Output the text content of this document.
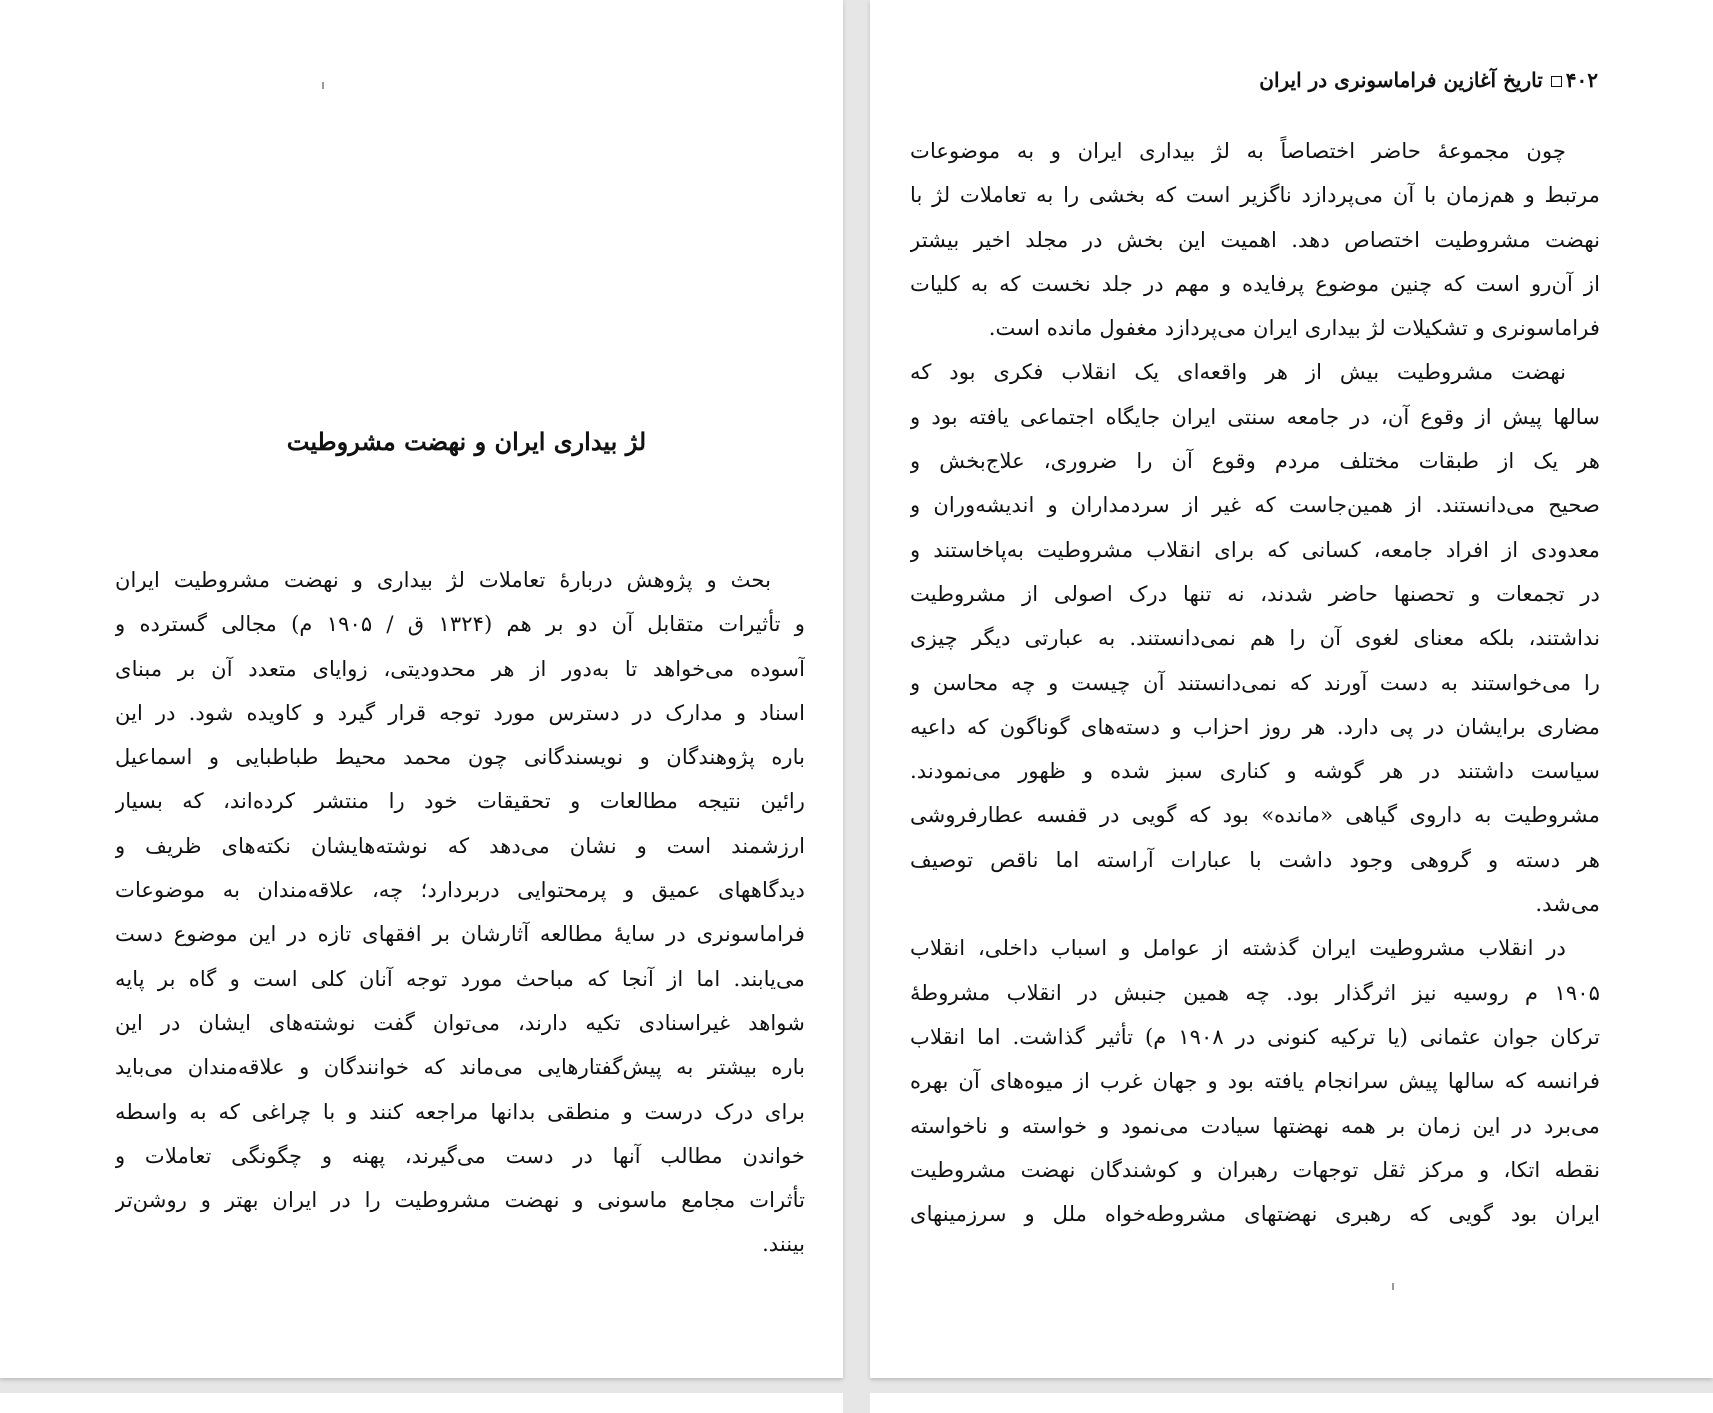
لژ بیداری ایران و نهضت مشروطیت
بحث و پژوهش دربارهٔ تعاملات لژ بیداری و نهضت مشروطیت ایران
و تأثیرات متقابل آن دو بر هم (۱۳۲۴ ق / ۱۹۰۵ م) مجالی گسترده و
آسوده می‌خواهد تا به‌دور از هر محدودیتی، زوایای متعدد آن بر مبنای
اسناد و مدارک در دسترس مورد توجه قرار گیرد و کاویده شود. در این
باره پژوهندگان و نویسندگانی چون محمد محیط طباطبایی و اسماعیل
رائین نتیجه مطالعات و تحقیقات خود را منتشر کرده‌اند، که بسیار
ارزشمند است و نشان می‌دهد که نوشته‌هایشان نکته‌های ظریف و
دیدگاههای عمیق و پرمحتوایی دربردارد؛ چه، علاقه‌مندان به موضوعات
فراماسونری در سایهٔ مطالعه آثارشان بر افقهای تازه در این موضوع دست
می‌یابند. اما از آنجا که مباحث مورد توجه آنان کلی است و گاه بر پایه
شواهد غیراسنادی تکیه دارند، می‌توان گفت نوشته‌های ایشان در این
باره بیشتر به پیش‌گفتارهایی می‌ماند که خوانندگان و علاقه‌مندان می‌باید
برای درک درست و منطقی بدانها مراجعه کنند و با چراغی که به واسطه
خواندن مطالب آنها در دست می‌گیرند، پهنه و چگونگی تعاملات و
تأثرات مجامع ماسونی و نهضت مشروطیت را در ایران بهتر و روشن‌تر
بینند.
۴۰۲تاریخ آغازین فراماسونری در ایران
چون مجموعهٔ حاضر اختصاصاً به لژ بیداری ایران و به موضوعات
مرتبط و هم‌زمان با آن می‌پردازد ناگزیر است که بخشی را به تعاملات لژ با
نهضت مشروطیت اختصاص دهد. اهمیت این بخش در مجلد اخیر بیشتر
از آن‌رو است که چنین موضوع پرفایده و مهم در جلد نخست که به کلیات
فراماسونری و تشکیلات لژ بیداری ایران می‌پردازد مغفول مانده است.
نهضت مشروطیت بیش از هر واقعه‌ای یک انقلاب فکری بود که
سالها پیش از وقوع آن، در جامعه سنتی ایران جایگاه اجتماعی یافته بود و
هر یک از طبقات مختلف مردم وقوع آن را ضروری، علاج‌بخش و
صحیح می‌دانستند. از همین‌جاست که غیر از سردمداران و اندیشه‌وران و
معدودی از افراد جامعه، کسانی که برای انقلاب مشروطیت به‌پاخاستند و
در تجمعات و تحصنها حاضر شدند، نه تنها درک اصولی از مشروطیت
نداشتند، بلکه معنای لغوی آن را هم نمی‌دانستند. به عبارتی دیگر چیزی
را می‌خواستند به دست آورند که نمی‌دانستند آن چیست و چه محاسن و
مضاری برایشان در پی دارد. هر روز احزاب و دسته‌های گوناگون که داعیه
سیاست داشتند در هر گوشه و کناری سبز شده و ظهور می‌نمودند.
مشروطیت به داروی گیاهی «مانده» بود که گویی در قفسه عطارفروشی
هر دسته و گروهی وجود داشت با عبارات آراسته اما ناقص توصیف
می‌شد.
در انقلاب مشروطیت ایران گذشته از عوامل و اسباب داخلی، انقلاب
۱۹۰۵ م روسیه نیز اثرگذار بود. چه همین جنبش در انقلاب مشروطهٔ
ترکان جوان عثمانی (یا ترکیه کنونی در ۱۹۰۸ م) تأثیر گذاشت. اما انقلاب
فرانسه که سالها پیش سرانجام یافته بود و جهان غرب از میوه‌های آن بهره
می‌برد در این زمان بر همه نهضتها سیادت می‌نمود و خواسته و ناخواسته
نقطه اتکا، و مرکز ثقل توجهات رهبران و کوشندگان نهضت مشروطیت
ایران بود گویی که رهبری نهضتهای مشروطه‌خواه ملل و سرزمینهای
